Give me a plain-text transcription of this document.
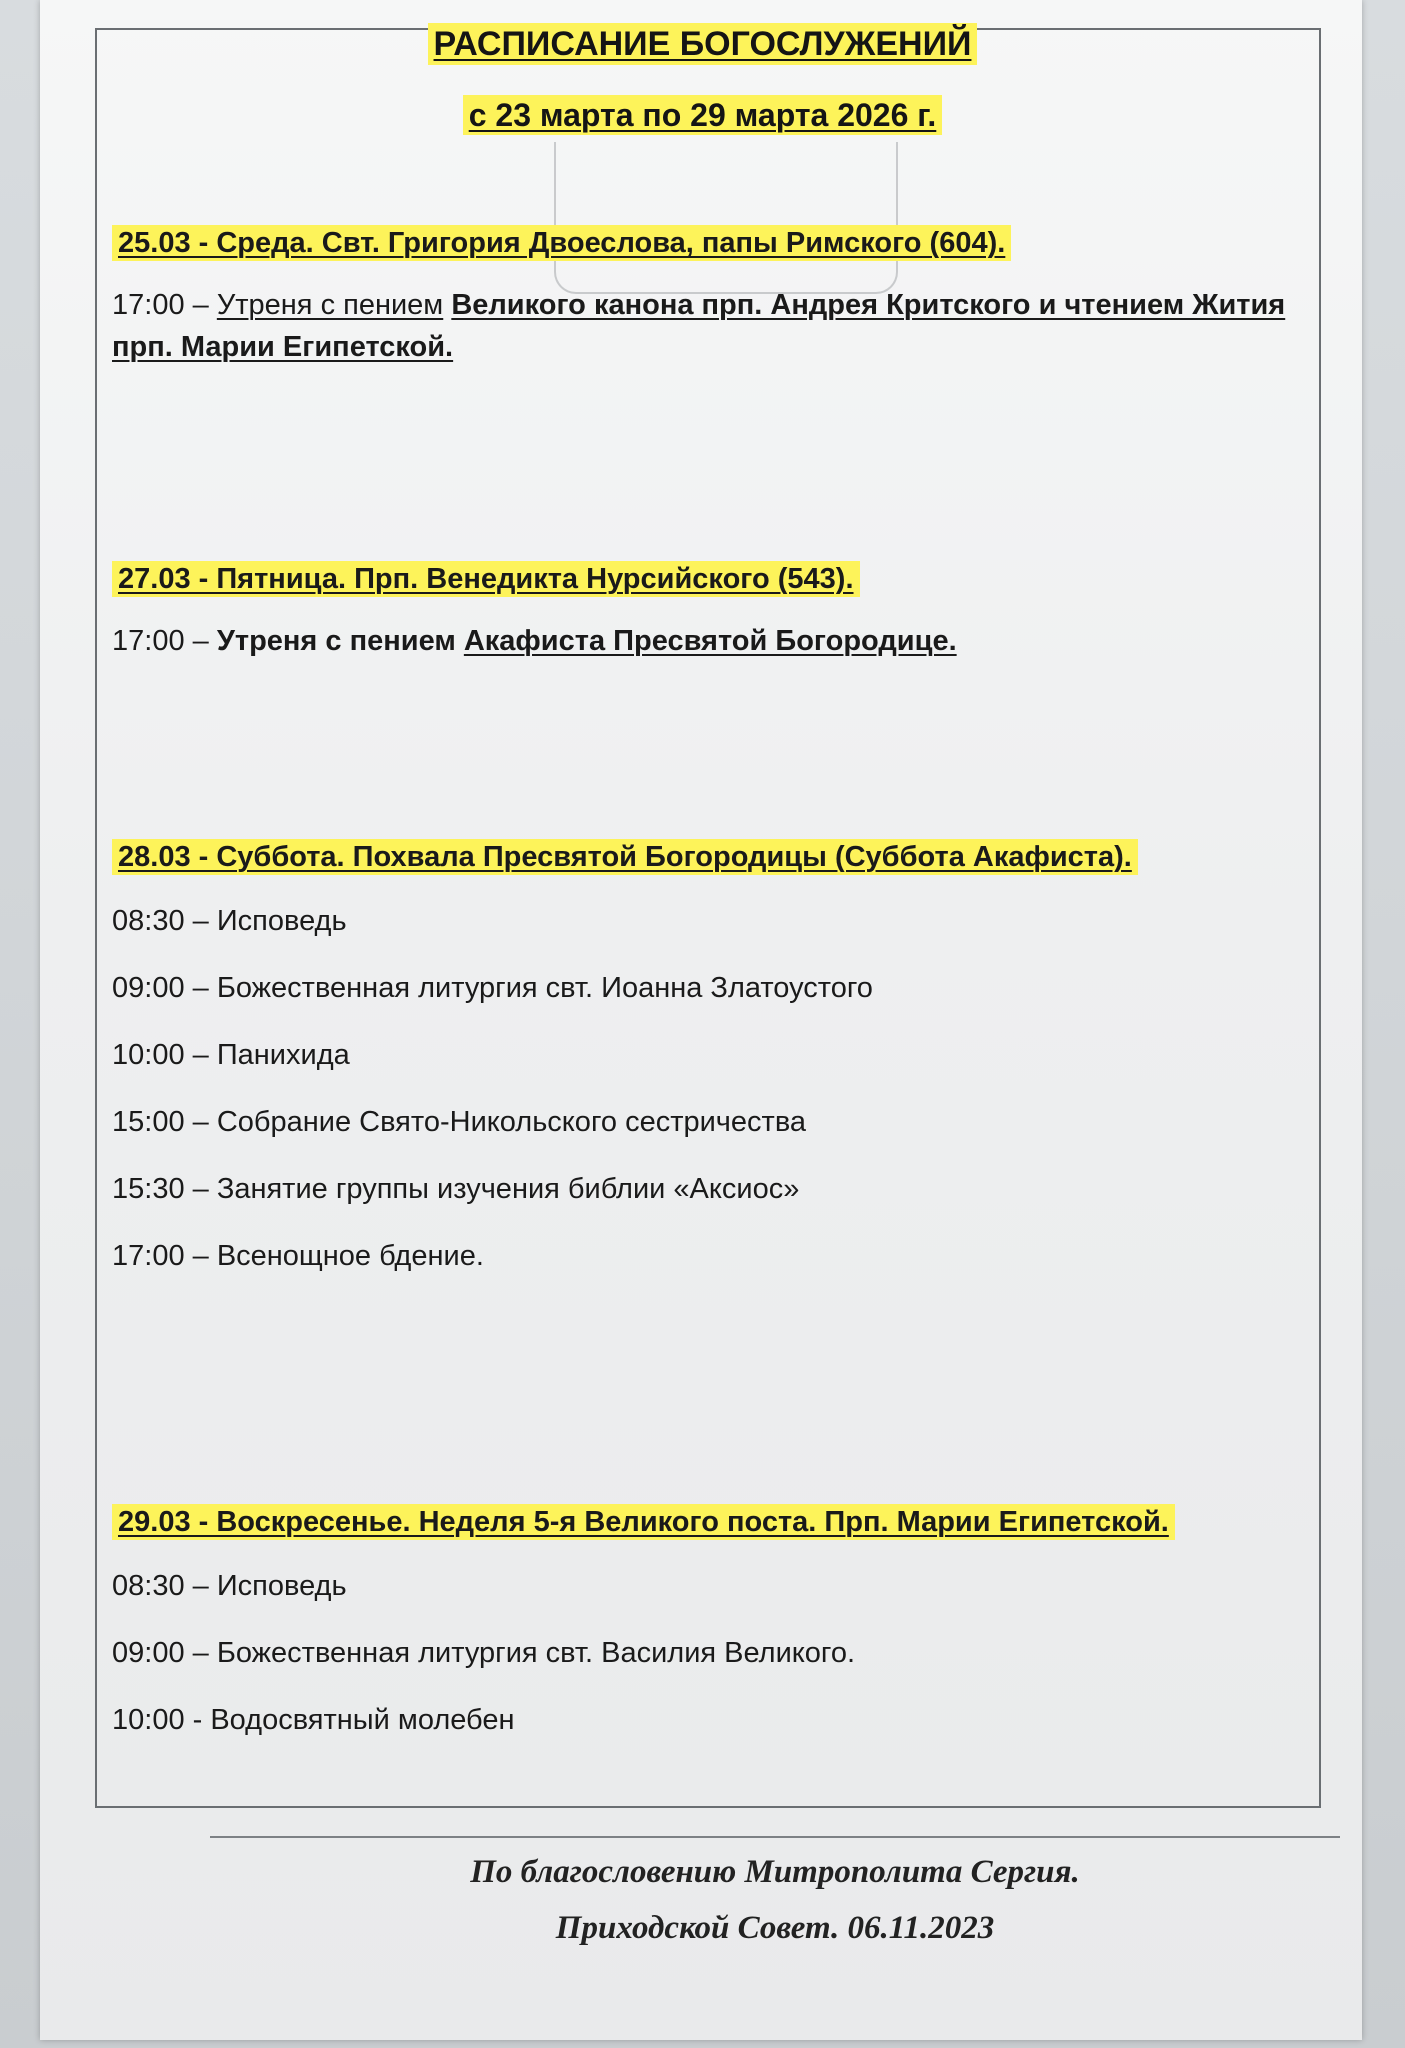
РАСПИСАНИЕ БОГОСЛУЖЕНИЙ
с 23 марта по 29 марта 2026 г.
25.03 - Среда. Свт. Григория Двоеслова, папы Римского (604).
17:00 – Утреня с пением Великого канона прп. Андрея Критского и чтением Жития прп. Марии Египетской.
27.03 - Пятница. Прп. Венедикта Нурсийского (543).
17:00 – Утреня с пением Акафиста Пресвятой Богородице.
28.03 - Суббота. Похвала Пресвятой Богородицы (Суббота Акафиста).
08:30 – Исповедь
09:00 – Божественная литургия свт. Иоанна Златоустого
10:00 – Панихида
15:00 – Собрание Свято-Никольского сестричества
15:30 – Занятие группы изучения библии «Аксиос»
17:00 – Всенощное бдение.
29.03 - Воскресенье. Неделя 5-я Великого поста. Прп. Марии Египетской.
08:30 – Исповедь
09:00 – Божественная литургия свт. Василия Великого.
10:00 - Водосвятный молебен
По благословению Митрополита Сергия.
Приходской Совет. 06.11.2023
